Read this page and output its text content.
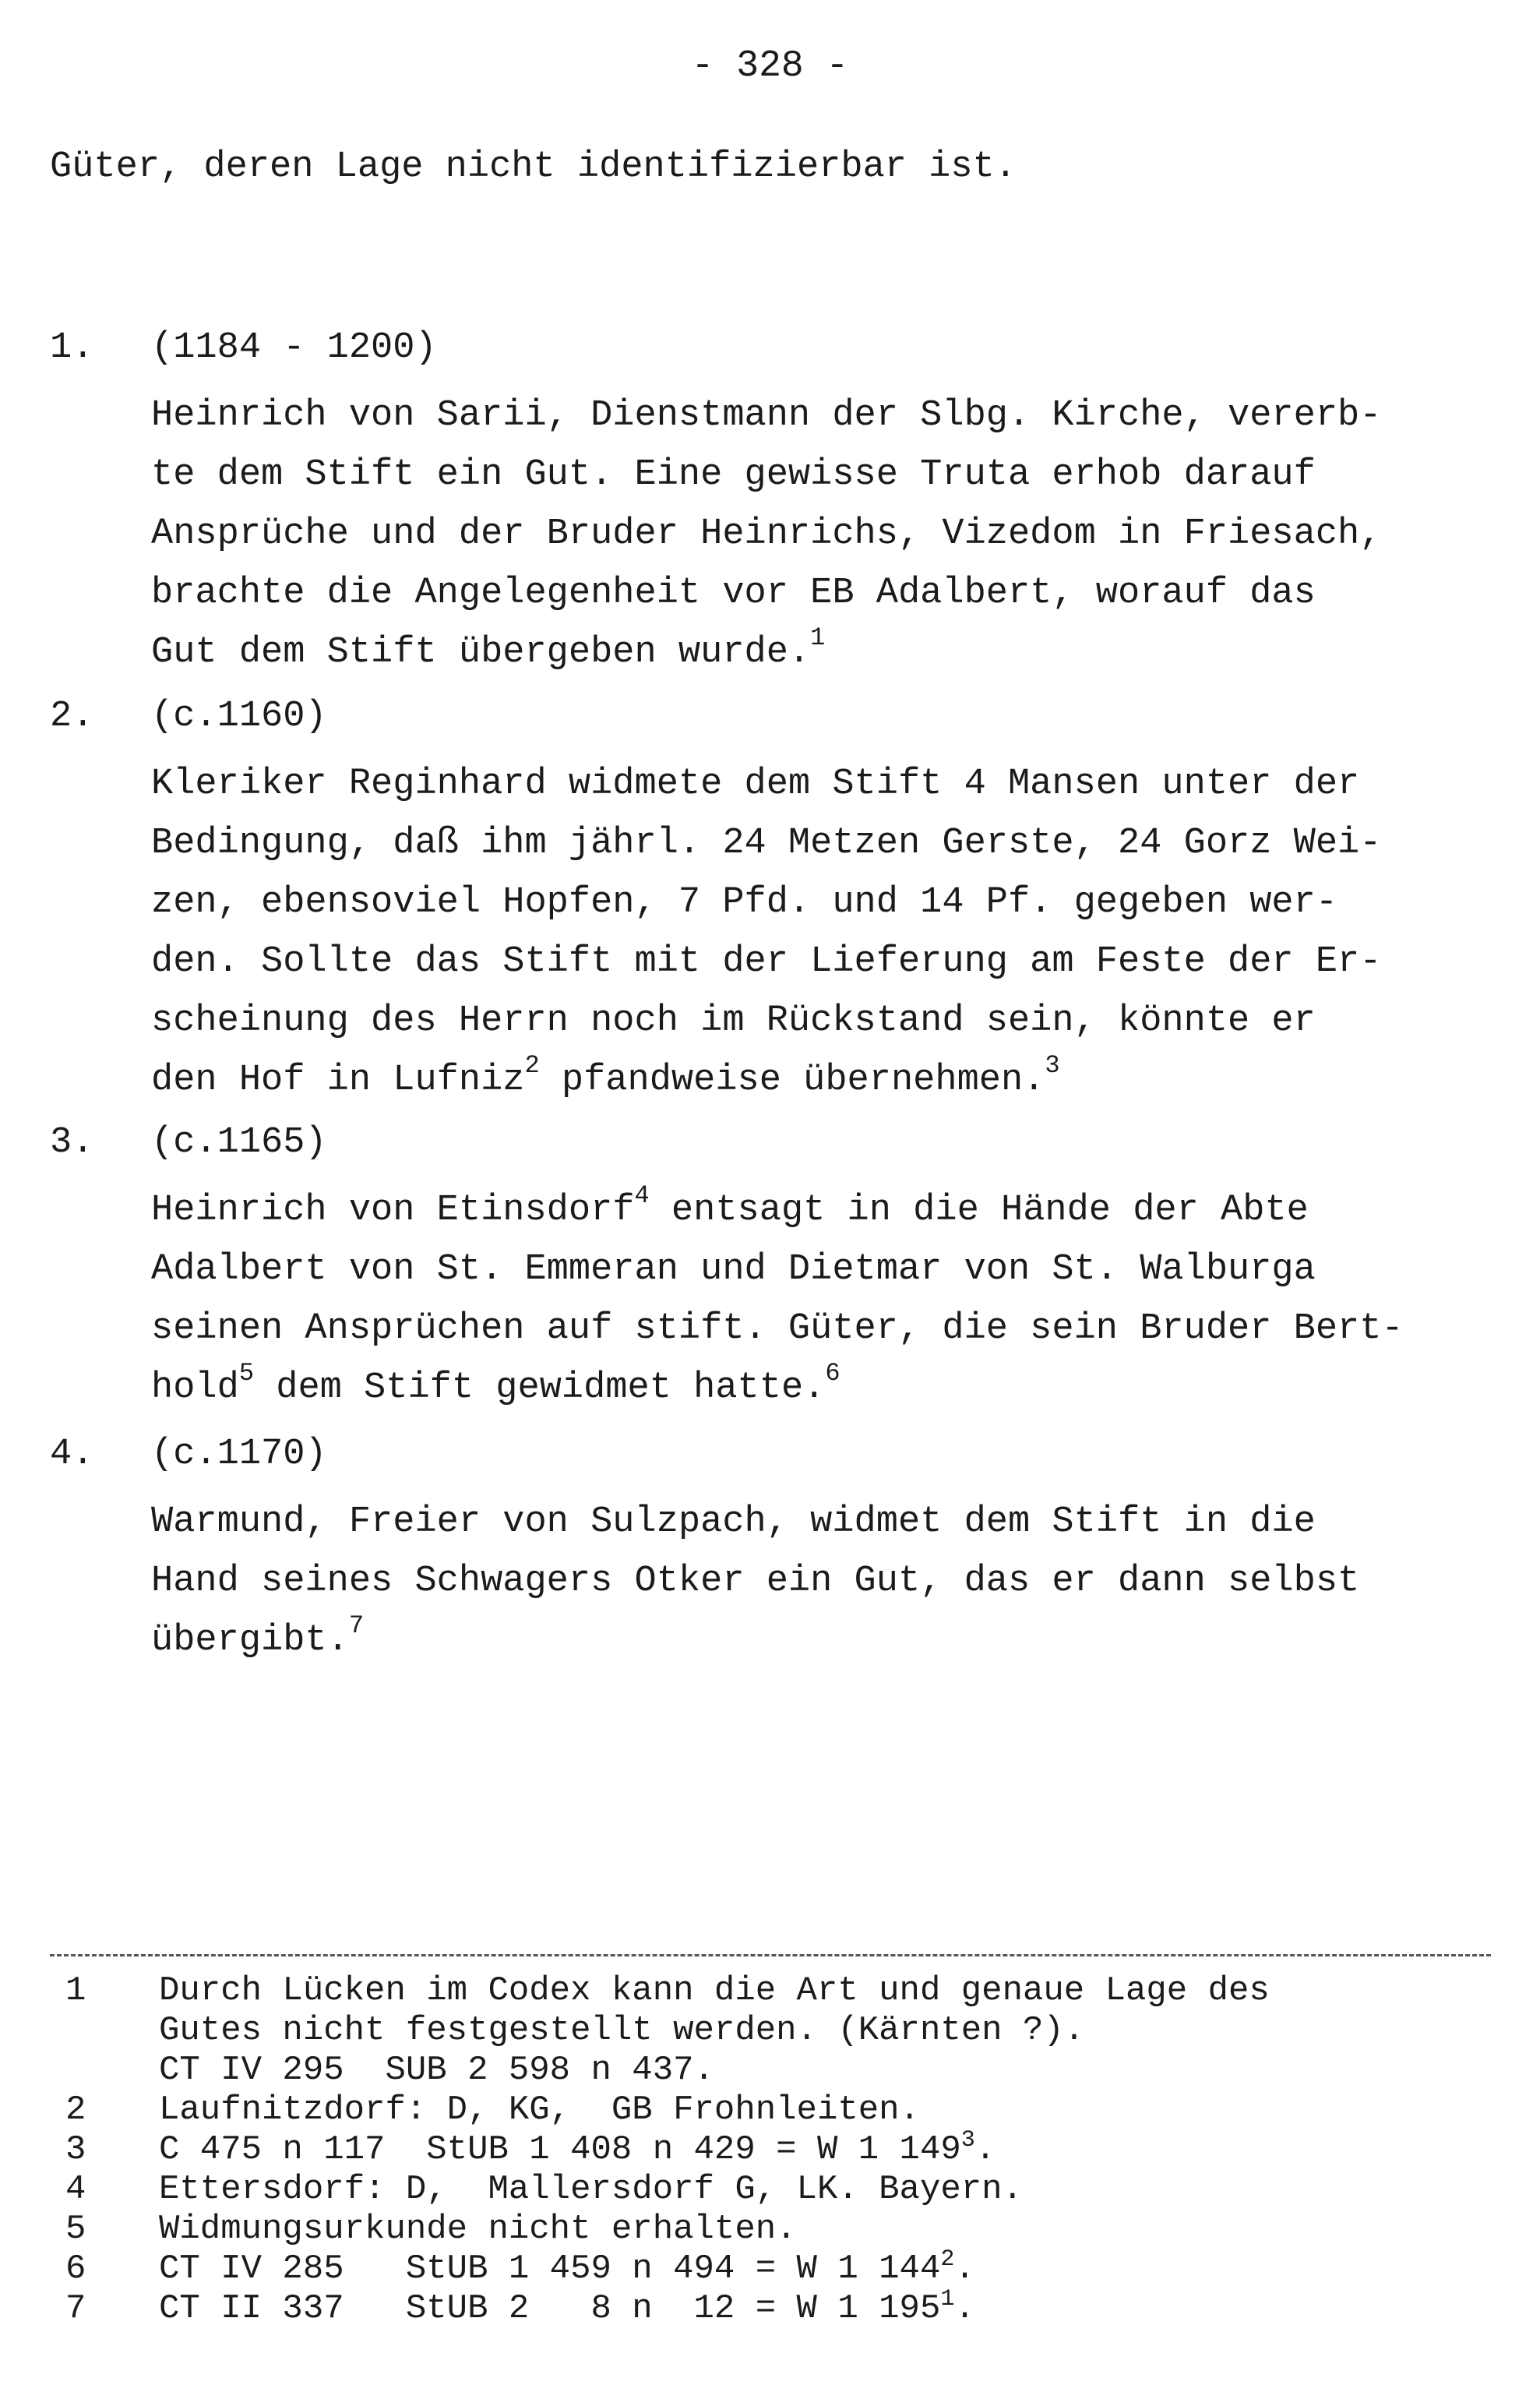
- 328 -
Güter, deren Lage nicht identifizierbar ist.
1. (1184 - 1200)
Heinrich von Sarii, Dienstmann der Slbg. Kirche, vererb-
te dem Stift ein Gut. Eine gewisse Truta erhob darauf
Ansprüche und der Bruder Heinrichs, Vizedom in Friesach,
brachte die Angelegenheit vor EB Adalbert, worauf das
Gut dem Stift übergeben wurde.$^1$
2. (c.1160)
Kleriker Reginhard widmete dem Stift 4 Mansen unter der
Bedingung, daß ihm jährl. 24 Metzen Gerste, 24 Gorz Wei-
zen, ebensoviel Hopfen, 7 Pfd. und 14 Pf. gegeben wer-
den. Sollte das Stift mit der Lieferung am Feste der Er-
scheinung des Herrn noch im Rückstand sein, könnte er
den Hof in Lufniz$^2$ pfandweise übernehmen.$^3$
3. (c.1165)
Heinrich von Etinsdorf$^4$ entsagt in die Hände der Abte
Adalbert von St. Emmeran und Dietmar von St. Walburga
seinen Ansprüchen auf stift. Güter, die sein Bruder Bert-
hold$^5$ dem Stift gewidmet hatte.$^6$
4. (c.1170)
Warmund, Freier von Sulzpach, widmet dem Stift in die
Hand seines Schwagers Otker ein Gut, das er dann selbst
übergibt.$^7$
1 Durch Lücken im Codex kann die Art und genaue Lage des
Gutes nicht festgestellt werden. (Kärnten ?).
CT IV 295  SUB 2 598 n 437.
2 Laufnitzdorf: D, KG,  GB Frohnleiten.
3 C 475 n 117  StUB 1 408 n 429 = W 1 149$^3$.
4 Ettersdorf: D,  Mallersdorf G, LK. Bayern.
5 Widmungsurkunde nicht erhalten.
6 CT IV 285   StUB 1 459 n 494 = W 1 144$^2$.
7 CT II 337   StUB 2   8 n  12 = W 1 195$^1$.
